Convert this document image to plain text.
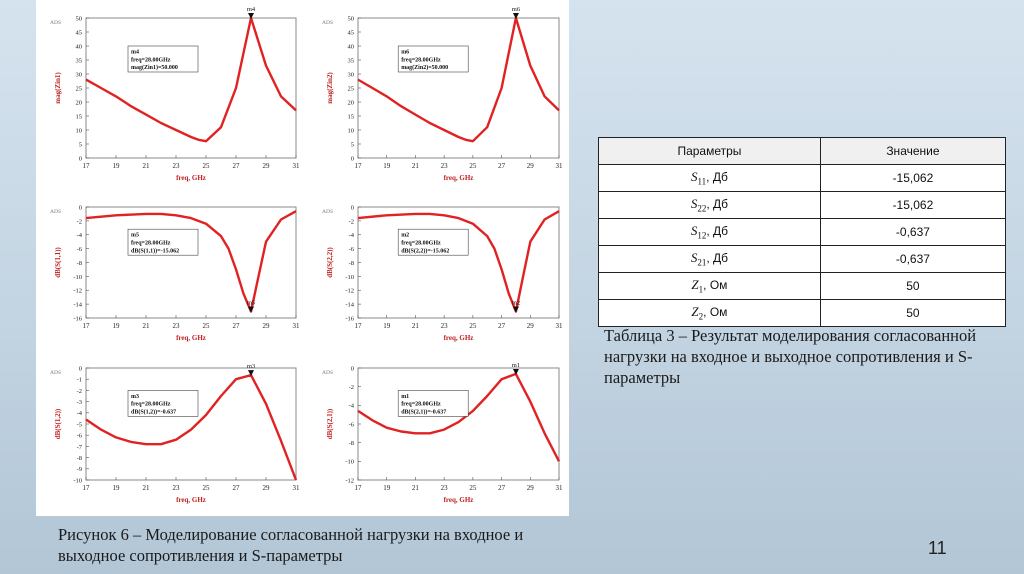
ADS
17	19	21	23	25	27	29	31
0
5
10
15
20
25
30
35
40
45
50
freq, GHz
mag(Zin1)
m4
m4
freq=28.00GHz
mag(Zin1)=50.000
ADS
17	19	21	23	25	27	29	31
0
5
10
15
20
25
30
35
40
45
50
freq, GHz
mag(Zin2)
m6
m6
freq=28.00GHz
mag(Zin2)=50.000
ADS
17	19	21	23	25	27	29	31
-16
-14
-12
-10
-8
-6
-4
-2
0
freq, GHz
dB(S(1,1))
m5
m5
freq=28.00GHz
dB(S(1,1))=-15.062
ADS
17	19	21	23	25	27	29	31
-16
-14
-12
-10
-8
-6
-4
-2
0
freq, GHz
dB(S(2,2))
m2
m2
freq=28.00GHz
dB(S(2,2))=-15.062
ADS
17	19	21	23	25	27	29	31
-10
-9
-8
-7
-6
-5
-4
-3
-2
-1
0
freq, GHz
dB(S(1,2))
m3
m3
freq=28.00GHz
dB(S(1,2))=-0.637
ADS
17	19	21	23	25	27	29	31
-12
-10
-8
-6
-4
-2
0
freq, GHz
dB(S(2,1))
m1
m1
freq=28.00GHz
dB(S(2,1))=-0.637
Параметры	Значение
$S_{11}$, Дб	-15,062
$S_{22}$, Дб	-15,062
$S_{12}$, Дб	-0,637
$S_{21}$, Дб	-0,637
$Z_1$, Ом	50
$Z_2$, Ом	50

Таблица 3 – Результат моделирования согласованной нагрузки на входное и выходное сопротивления и S-параметры

Рисунок 6 – Моделирование согласованной нагрузки на входное и выходное сопротивления и S-параметры	11
